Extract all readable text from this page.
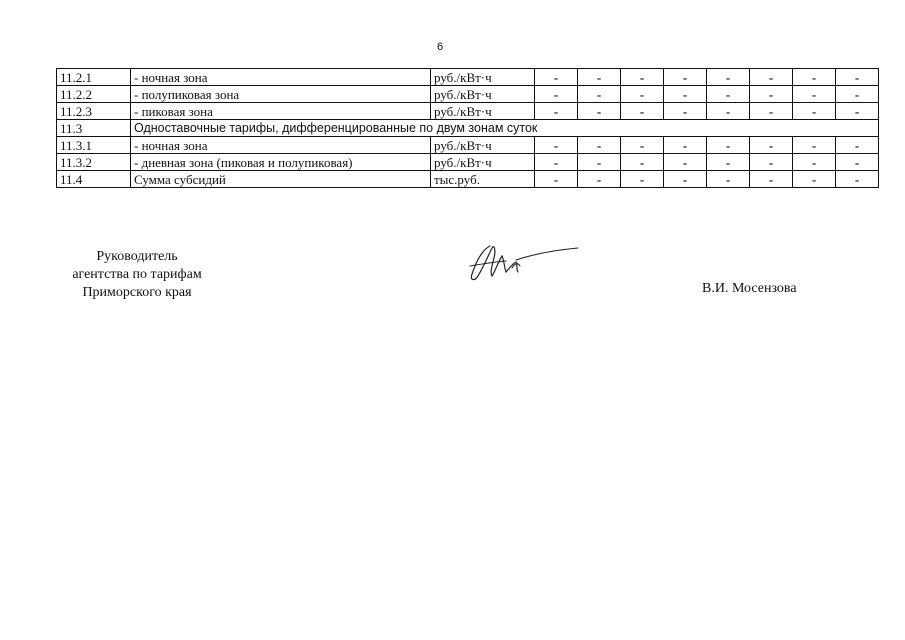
6
11.2.1	- ночная зона	руб./кВт·ч	-	-	-	-	-	-	-	-
11.2.2	- полупиковая зона	руб./кВт·ч	-	-	-	-	-	-	-	-
11.2.3	- пиковая зона	руб./кВт·ч	-	-	-	-	-	-	-	-
11.3	Одноставочные тарифы, дифференцированные по двум зонам суток									
11.3.1	- ночная зона	руб./кВт·ч	-	-	-	-	-	-	-	-
11.3.2	- дневная зона (пиковая и полупиковая)	руб./кВт·ч	-	-	-	-	-	-	-	-
11.4	Сумма субсидий	тыс.руб.	-	-	-	-	-	-	-	-
Руководитель
агентства по тарифам
Приморского края	В.И. Мосензова
